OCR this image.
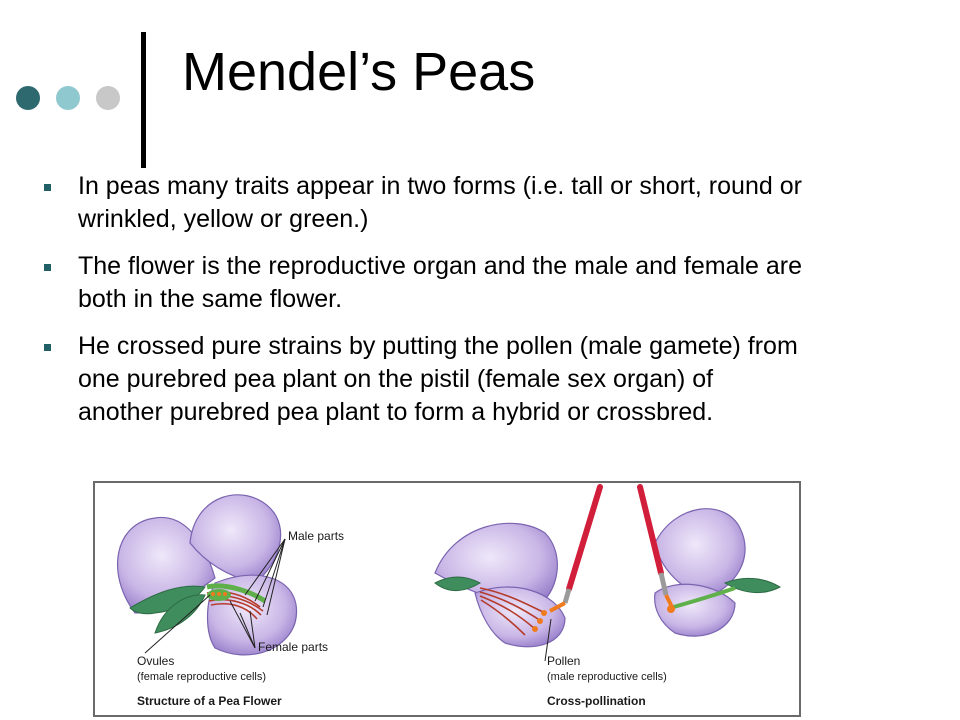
Mendel’s Peas
In peas many traits appear in two forms (i.e. tall or short, round or wrinkled, yellow or green.)
The flower is the reproductive organ and the male and female are both in the same flower.
He crossed pure strains by putting the pollen (male gamete) from one purebred pea plant on the pistil (female sex organ) of another purebred pea plant to form a hybrid or crossbred.
Male parts
Female parts
Ovules
(female reproductive cells)
Structure of a Pea Flower
Pollen
(male reproductive cells)
Cross-pollination
